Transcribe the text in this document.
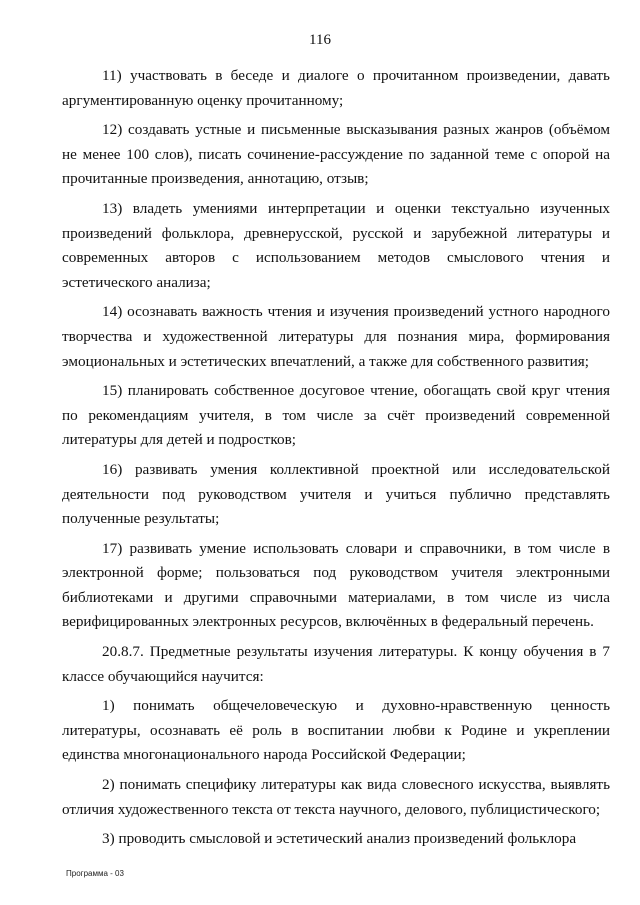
116

11) участвовать в беседе и диалоге о прочитанном произведении, давать аргументированную оценку прочитанному;

12) создавать устные и письменные высказывания разных жанров (объёмом не менее 100 слов), писать сочинение-рассуждение по заданной теме с опорой на прочитанные произведения, аннотацию, отзыв;

13) владеть умениями интерпретации и оценки текстуально изученных произведений фольклора, древнерусской, русской и зарубежной литературы и современных авторов с использованием методов смыслового чтения и эстетического анализа;

14) осознавать важность чтения и изучения произведений устного народного творчества и художественной литературы для познания мира, формирования эмоциональных и эстетических впечатлений, а также для собственного развития;

15) планировать собственное досуговое чтение, обогащать свой круг чтения по рекомендациям учителя, в том числе за счёт произведений современной литературы для детей и подростков;

16) развивать умения коллективной проектной или исследовательской деятельности под руководством учителя и учиться публично представлять полученные результаты;

17) развивать умение использовать словари и справочники, в том числе в электронной форме; пользоваться под руководством учителя электронными библиотеками и другими справочными материалами, в том числе из числа верифицированных электронных ресурсов, включённых в федеральный перечень.

20.8.7. Предметные результаты изучения литературы. К концу обучения в 7 классе обучающийся научится:

1) понимать общечеловеческую и духовно-нравственную ценность литературы, осознавать её роль в воспитании любви к Родине и укреплении единства многонационального народа Российской Федерации;

2) понимать специфику литературы как вида словесного искусства, выявлять отличия художественного текста от текста научного, делового, публицистического;

3) проводить смысловой и эстетический анализ произведений фольклора

Программа - 03
